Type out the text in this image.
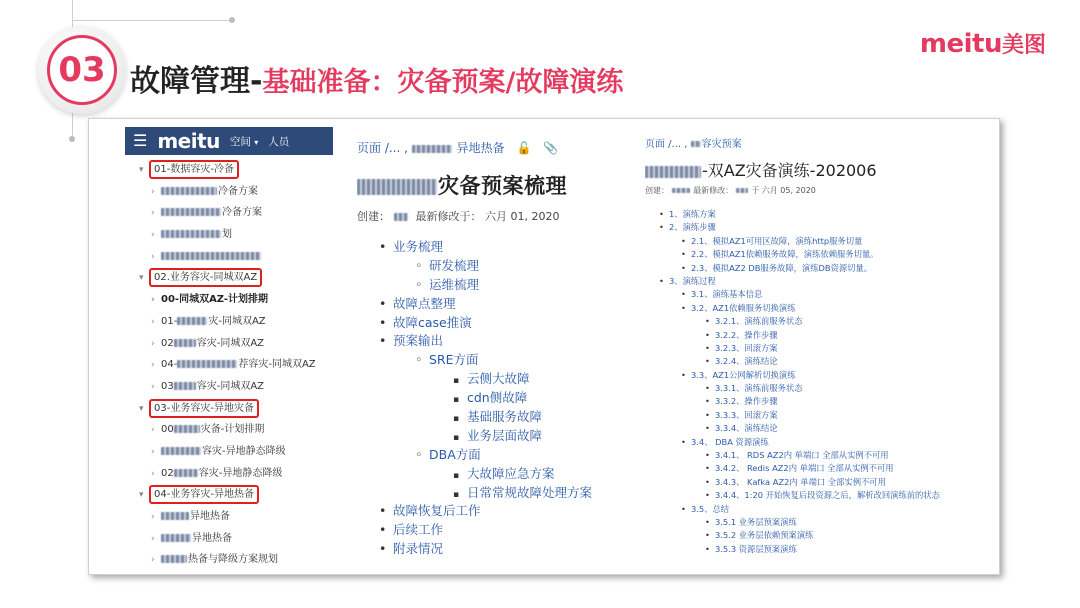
03 故障管理-基础准备：灾备预案/故障演练
meitu美图
☰ meitu 空间 ▾ 人员
▾ 01-数据容灾-冷备
›	冷备方案
›	冷备方案
›	划
›
▾ 02.业务容灾-同城双AZ
› 00-同城双AZ-计划排期
› 01-	灾-同城双AZ
› 02 容灾-同城双AZ
› 04-	荐容灾-同城双AZ
› 03 容灾-同城双AZ
▾ 03-业务容灾-异地灾备
› 00	灾备-计划排期
›	容灾-异地静态降级
› 02	容灾-异地静态降级
▾ 04-业务容灾-异地热备
›	异地热备
›	异地热备
›	热备与降级方案规划
页面 /... ,	异地热备 🔓 📎
灾备预案梳理
创建： 最新修改于： 六月 01, 2020
• 业务梳理
◦ 研发梳理
◦ 运维梳理
• 故障点整理
• 故障case推演
• 预案输出
◦ SRE方面
▪ 云侧大故障
▪ cdn侧故障
▪ 基础服务故障
▪ 业务层面故障
◦ DBA方面
▪ 大故障应急方案
▪ 日常常规故障处理方案
• 故障恢复后工作
• 后续工作
• 附录情况
页面 /... , 容灾预案
-双AZ灾备演练-202006
创建：	最新修改： 于 六月 05, 2020
• 1、演练方案
• 2、演练步骤
• 2.1、模拟AZ1可用区故障，演练http服务切量
• 2.2、模拟AZ1依赖服务故障，演练依赖服务切量。
• 2.3、模拟AZ2 DB服务故障，演练DB资源切量。
• 3、演练过程
• 3.1、演练基本信息
• 3.2、AZ1依赖服务切换演练
• 3.2.1、演练前服务状态
• 3.2.2、操作步骤
• 3.2.3、回滚方案
• 3.2.4、演练结论
• 3.3、AZ1公网解析切换演练
• 3.3.1、演练前服务状态
• 3.3.2、操作步骤
• 3.3.3、回滚方案
• 3.3.4、演练结论
• 3.4、 DBA 资源演练
• 3.4.1、 RDS AZ2内 单端口 全部从实例不可用
• 3.4.2、 Redis AZ2内 单端口 全部从实例不可用
• 3.4.3、 Kafka AZ2内 单端口 全部实例不可用
• 3.4.4、1:20 开始恢复后段资源之后，解析改回演练前的状态
• 3.5、总结
• 3.5.1 业务层预案演练
• 3.5.2 业务层依赖预案演练
• 3.5.3 资源层预案演练
